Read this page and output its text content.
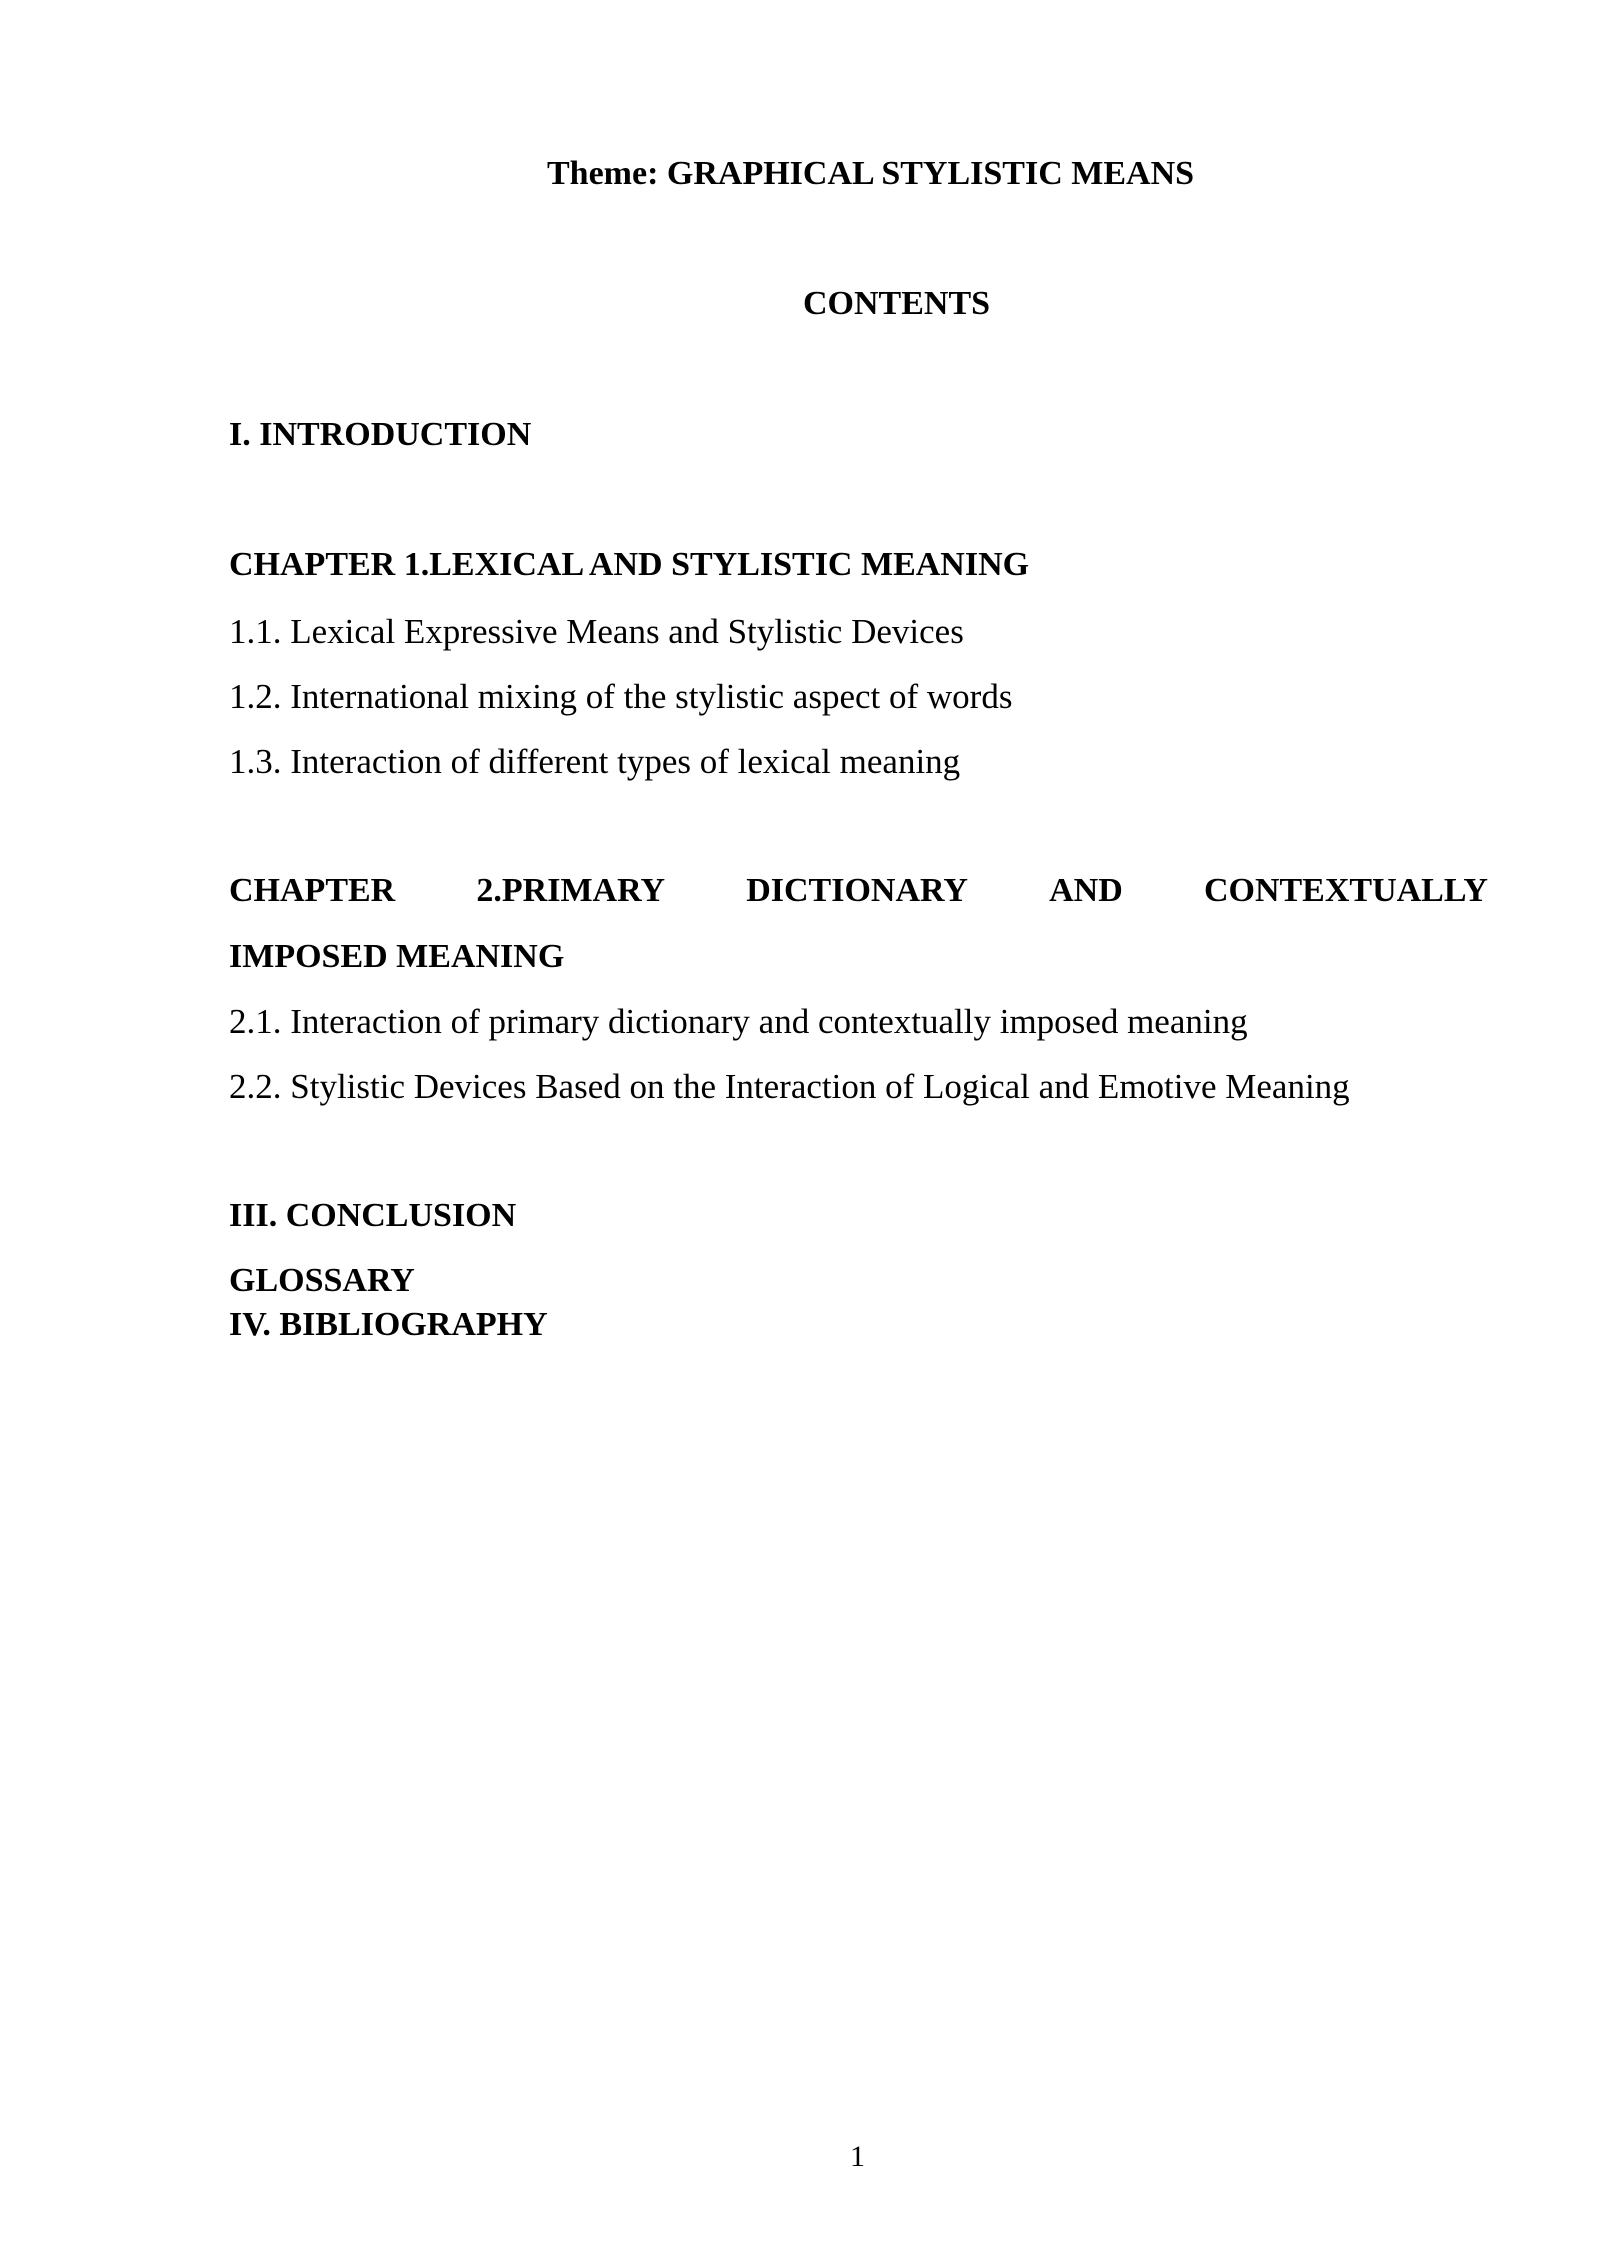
Theme: GRAPHICAL STYLISTIC MEANS
CONTENTS
I. INTRODUCTION
CHAPTER 1.LEXICAL AND STYLISTIC MEANING
1.1. Lexical Expressive Means and Stylistic Devices
1.2. International mixing of the stylistic aspect of words
1.3. Interaction of different types of lexical meaning
CHAPTER 2.PRIMARY DICTIONARY AND CONTEXTUALLY
IMPOSED MEANING
2.1. Interaction of primary dictionary and contextually imposed meaning
2.2. Stylistic Devices Based on the Interaction of Logical and Emotive Meaning
III. CONCLUSION
GLOSSARY
IV. BIBLIOGRAPHY
1
